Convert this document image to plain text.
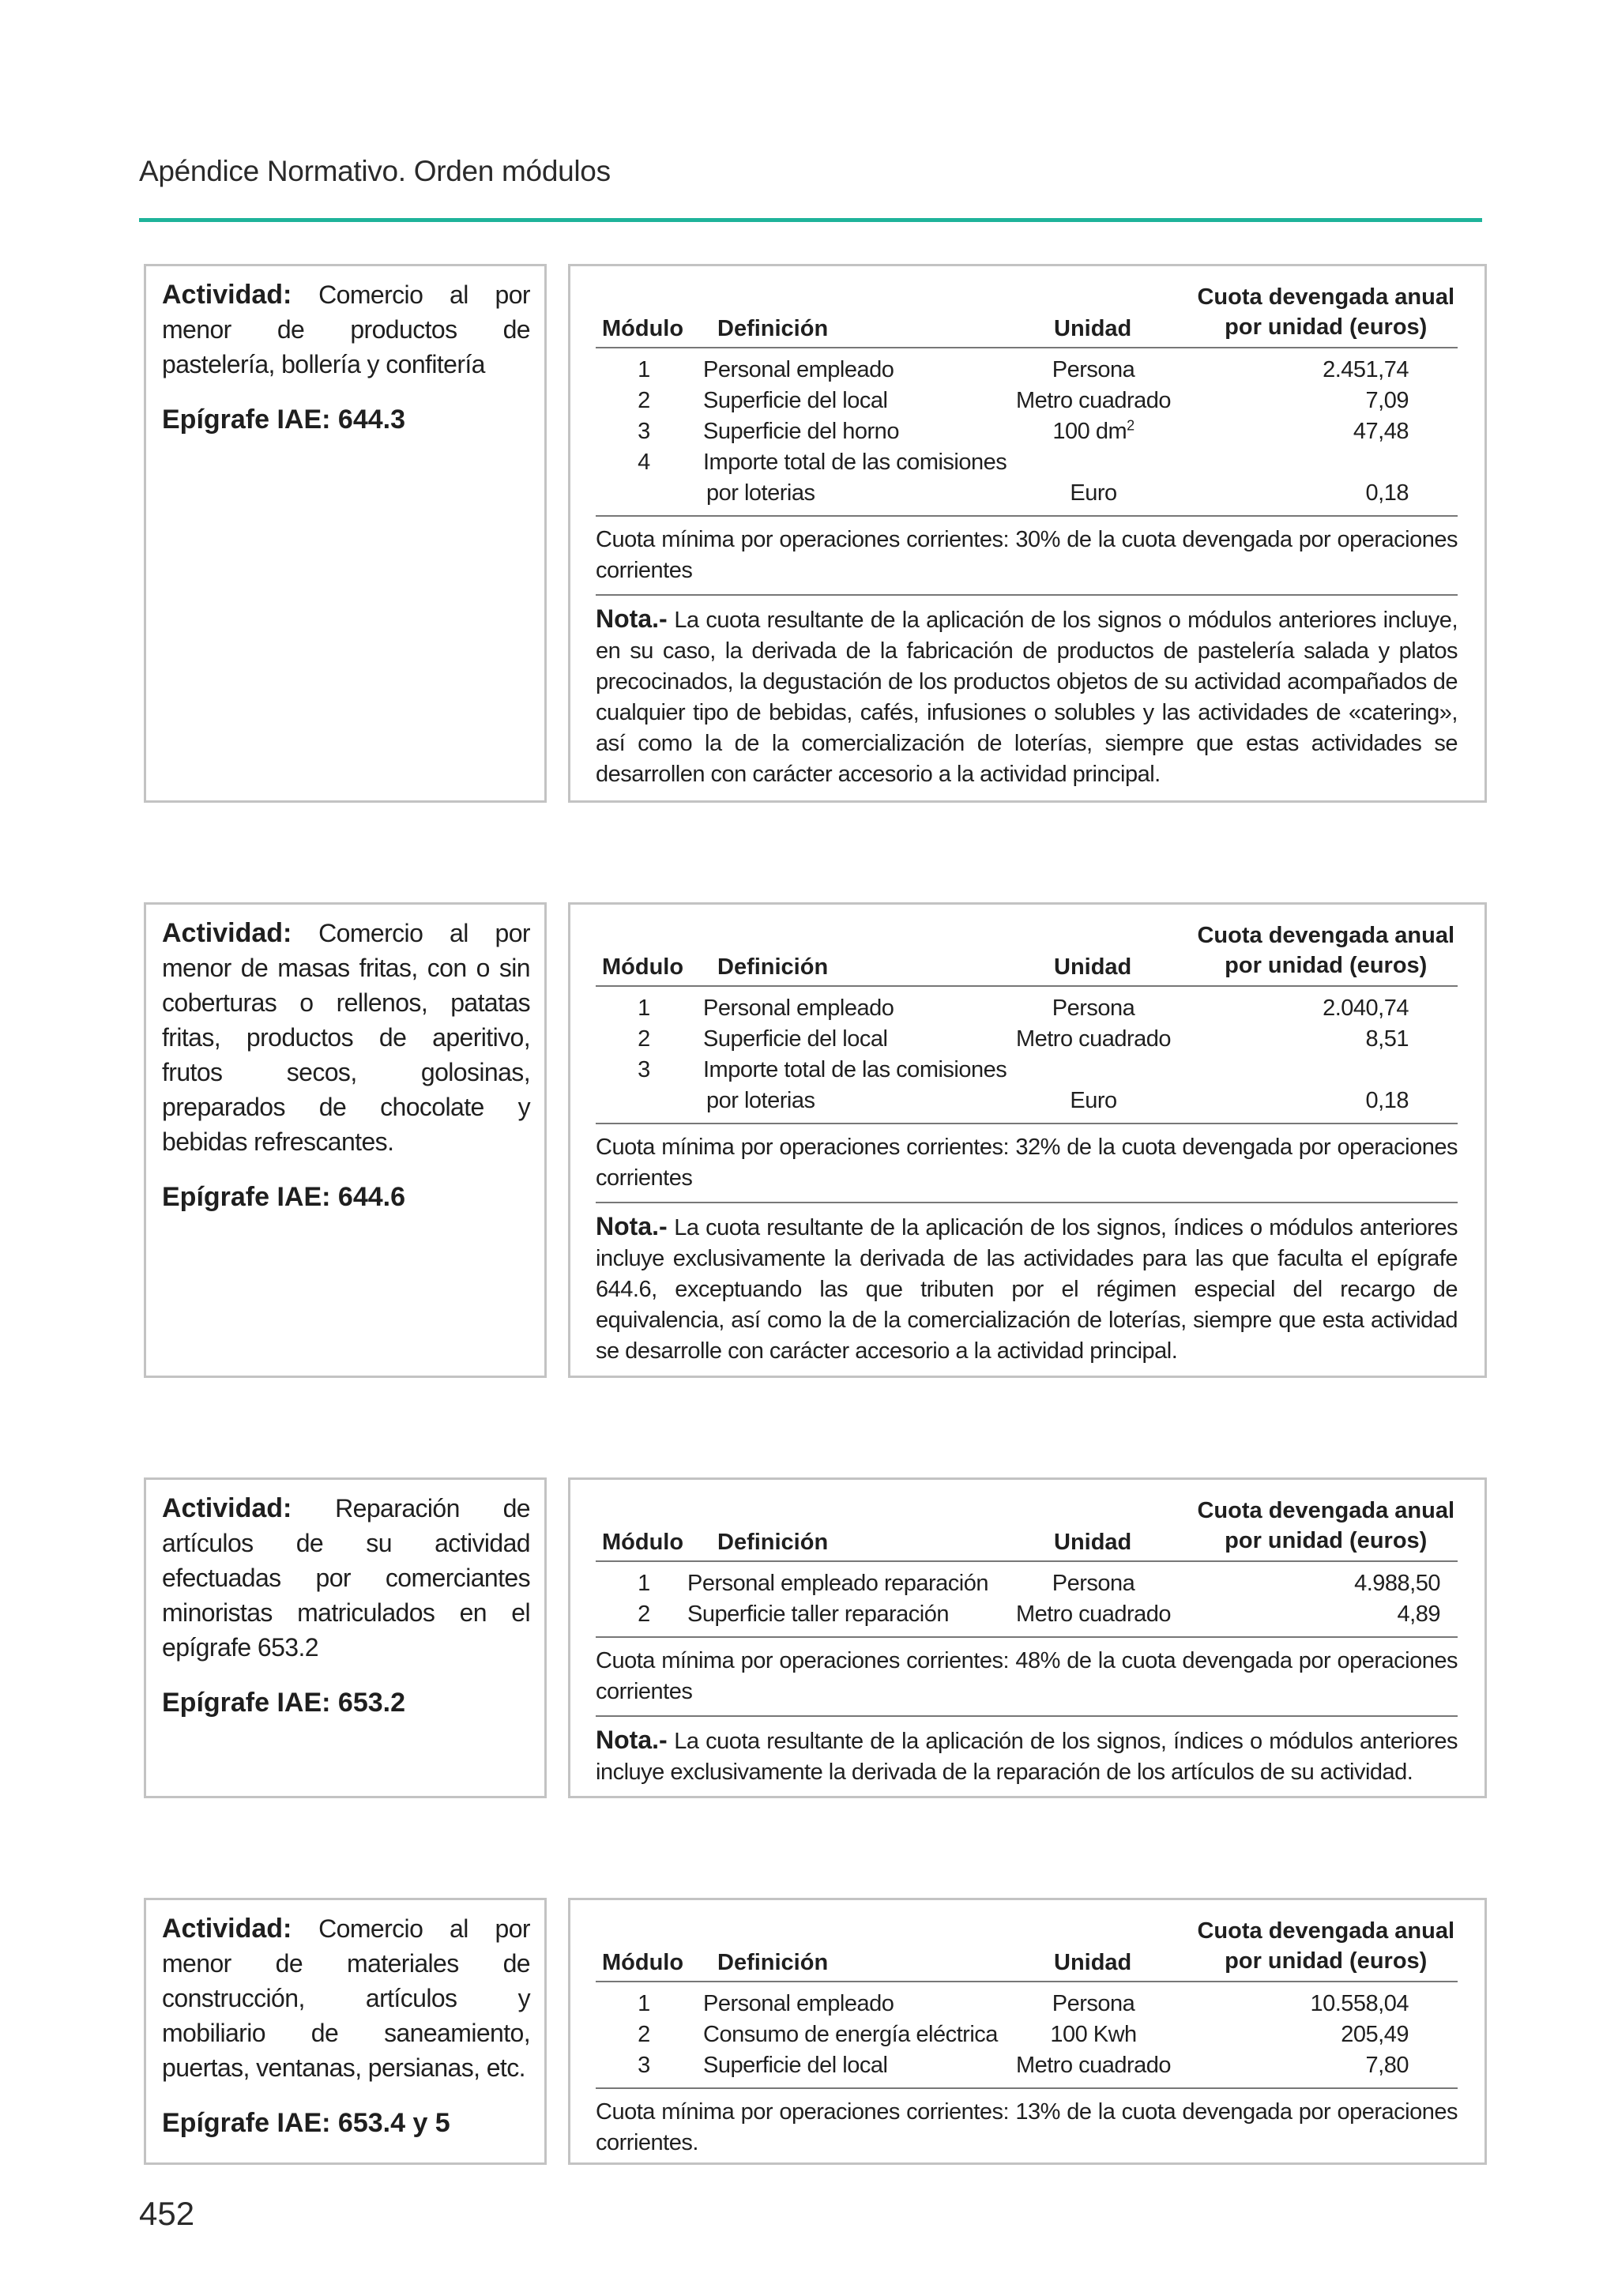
Apéndice Normativo. Orden módulos
Actividad: Comercio al por menor de productos de pastelería, bollería y confitería
Epígrafe IAE: 644.3
Módulo Definición	Unidad
Cuota devengada anual
por unidad (euros)
1 Personal empleado	Persona	2.451,74
2 Superficie del local	Metro cuadrado	7,09
3 Superficie del horno	100 $dm^2$	47,48
4 Importe total de las comisiones
por loterias	Euro	0,18
Cuota mínima por operaciones corrientes: 30% de la cuota devengada por operaciones corrientes
Nota.- La cuota resultante de la aplicación de los signos o módulos anteriores incluye, en su caso, la derivada de la fabricación de productos de pastelería salada y platos precocinados, la degustación de los productos objetos de su actividad acompañados de cualquier tipo de bebidas, cafés, infusiones o solubles y las actividades de «catering», así como la de la comercialización de loterías, siempre que estas actividades se desarrollen con carácter accesorio a la actividad principal.
Actividad: Comercio al por menor de masas fritas, con o sin coberturas o rellenos, patatas fritas, productos de aperitivo, frutos secos, golosinas, preparados de chocolate y bebidas refrescantes.
Epígrafe IAE: 644.6
Módulo Definición	Unidad
Cuota devengada anual
por unidad (euros)
1 Personal empleado	Persona	2.040,74
2 Superficie del local	Metro cuadrado	8,51
3 Importe total de las comisiones
por loterias	Euro	0,18
Cuota mínima por operaciones corrientes: 32% de la cuota devengada por operaciones corrientes
Nota.- La cuota resultante de la aplicación de los signos, índices o módulos anteriores incluye exclusivamente la derivada de las actividades para las que faculta el epígrafe 644.6, exceptuando las que tributen por el régimen especial del recargo de equivalencia, así como la de la comercialización de loterías, siempre que esta actividad se desarrolle con carácter accesorio a la actividad principal.
Actividad: Reparación de artículos de su actividad efectuadas por comerciantes minoristas matriculados en el epígrafe 653.2
Epígrafe IAE: 653.2
Módulo Definición	Unidad
Cuota devengada anual
por unidad (euros)
1 Personal empleado reparación	Persona	4.988,50
2 Superficie taller reparación	Metro cuadrado	4,89
Cuota mínima por operaciones corrientes: 48% de la cuota devengada por operaciones corrientes
Nota.- La cuota resultante de la aplicación de los signos, índices o módulos anteriores incluye exclusivamente la derivada de la reparación de los artículos de su actividad.
Actividad: Comercio al por menor de materiales de construcción, artículos y mobiliario de saneamiento, puertas, ventanas, persianas, etc.
Epígrafe IAE: 653.4 y 5
Módulo Definición	Unidad
Cuota devengada anual
por unidad (euros)
1 Personal empleado	Persona	10.558,04
2 Consumo de energía eléctrica	100 Kwh	205,49
3 Superficie del local	Metro cuadrado	7,80
Cuota mínima por operaciones corrientes: 13% de la cuota devengada por operaciones corrientes.
452
